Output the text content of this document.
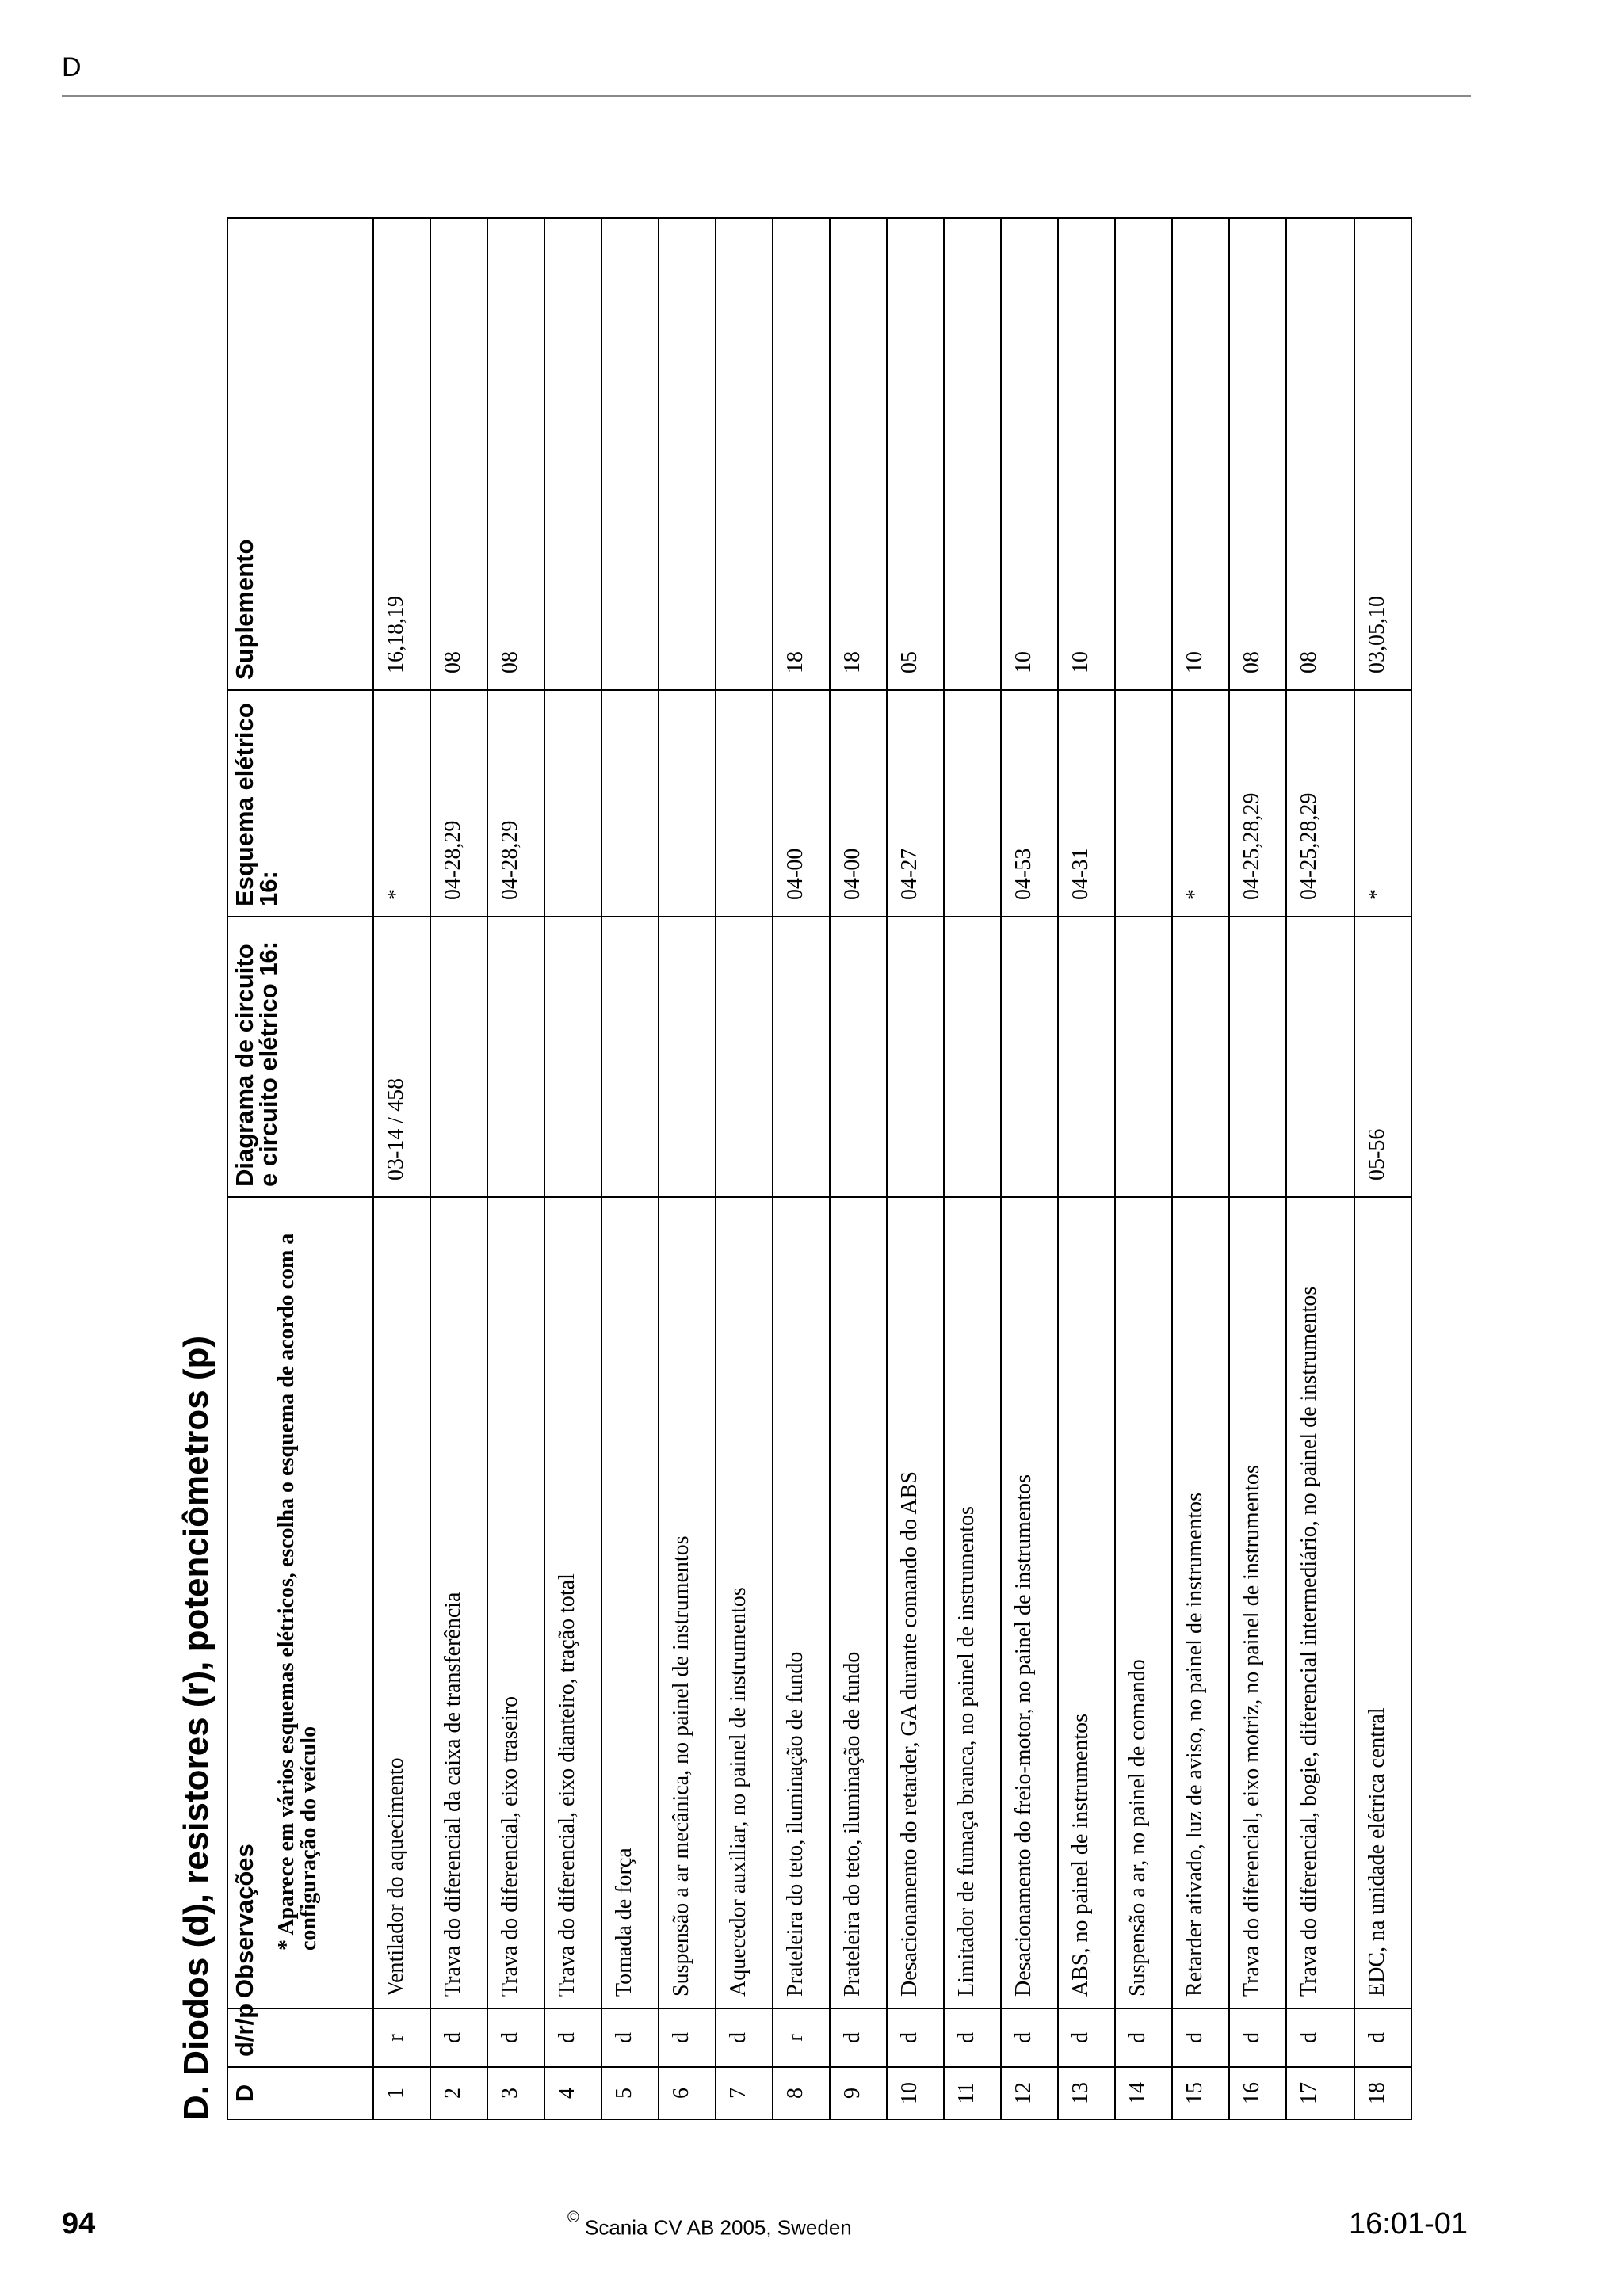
D
D. Diodos (d), resistores (r), potenciômetros (p) D	d/r/p	Observações * Aparece em vários esquemas elétricos, escolha o esquema de acordo com a configuração do veículo	Diagrama de circuito e circuito elétrico 16:	Esquema elétrico 16:	Suplemento
1	r	Ventilador do aquecimento	03-14 / 458	*	16,18,19
2	d	Trava do diferencial da caixa de transferência		04-28,29	08
3	d	Trava do diferencial, eixo traseiro		04-28,29	08
4	d	Trava do diferencial, eixo dianteiro, tração total			
5	d	Tomada de força			
6	d	Suspensão a ar mecânica, no painel de instrumentos			
7	d	Aquecedor auxiliar, no painel de instrumentos			
8	r	Prateleira do teto, iluminação de fundo		04-00	18
9	d	Prateleira do teto, iluminação de fundo		04-00	18
10	d	Desacionamento do retarder, GA durante comando do ABS		04-27	05
11	d	Limitador de fumaça branca, no painel de instrumentos			
12	d	Desacionamento do freio-motor, no painel de instrumentos		04-53	10
13	d	ABS, no painel de instrumentos		04-31	10
14	d	Suspensão a ar, no painel de comando			
15	d	Retarder ativado, luz de aviso, no painel de instrumentos		*	10
16	d	Trava do diferencial, eixo motriz, no painel de instrumentos		04-25,28,29	08
17	d	Trava do diferencial, bogie, diferencial intermediário, no painel de instrumentos		04-25,28,29	08
18	d	EDC, na unidade elétrica central	05-56	*	03,05,10
94	© Scania CV AB 2005, Sweden	16:01-01
